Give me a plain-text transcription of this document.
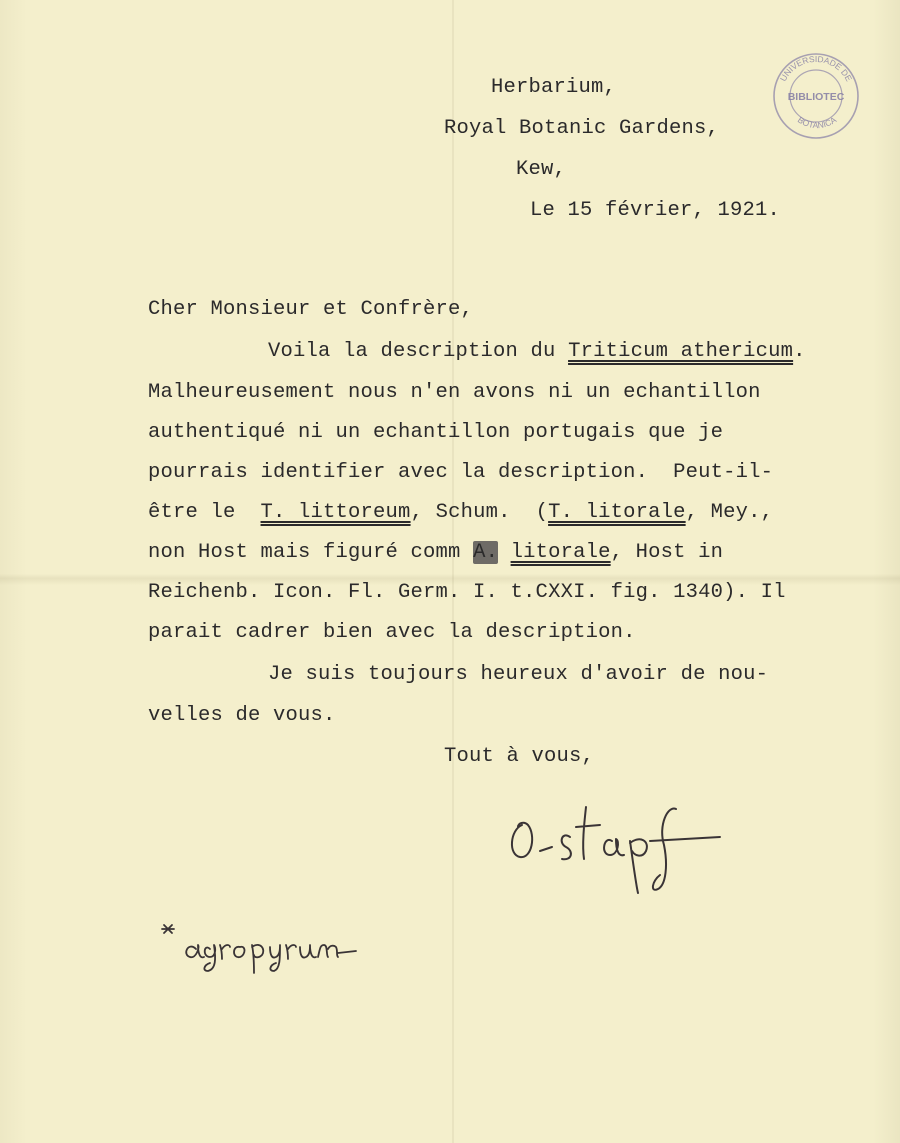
Herbarium,
Royal Botanic Gardens,
Kew,
Le 15 février, 1921.
UNIVERSIDADE DE
BIBLIOTEC
BOTANICA
Cher Monsieur et Confrère,
Voila la description du Triticum athericum.
Malheureusement nous n'en avons ni un echantillon
authentiqué ni un echantillon portugais que je
pourrais identifier avec la description.  Peut-il-
être le  T. littoreum, Schum.  (T. litorale, Mey.,
non Host mais figuré comm A. litorale, Host in
Reichenb. Icon. Fl. Germ. I. t.CXXI. fig. 1340). Il
parait cadrer bien avec la description.
Je suis toujours heureux d'avoir de nou-
velles de vous.
Tout à vous,
